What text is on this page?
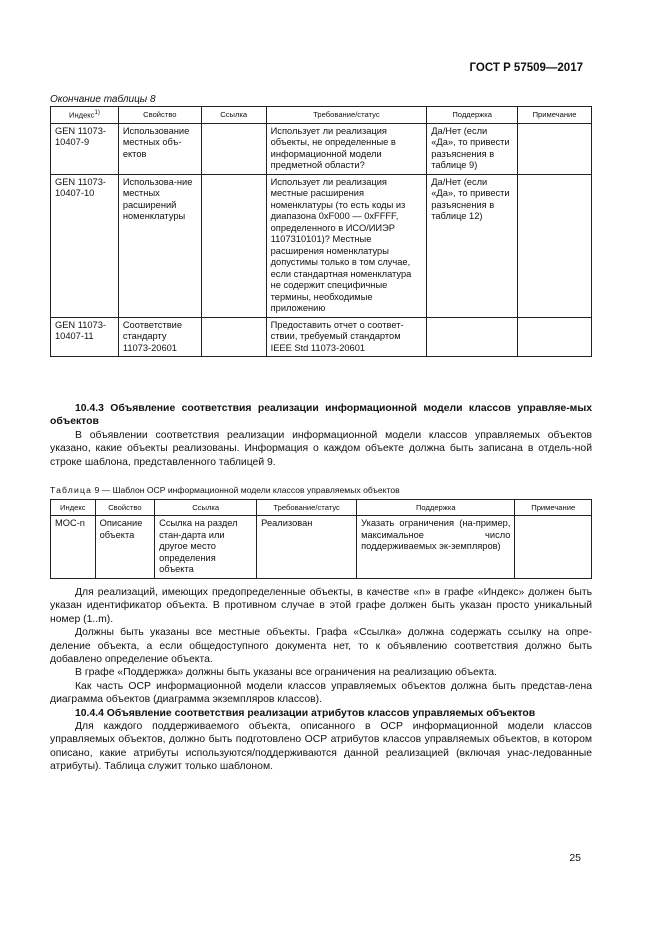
ГОСТ Р 57509—2017
Окончание таблицы 8
Индекс$^{1)}$	Свойство	Ссылка	Требование/статус	Поддержка	Примечание
GEN 11073-10407-9	Использование местных объ-ектов		Использует ли реализация объекты, не определенные в информационной модели предметной области?	Да/Нет (если «Да», то привести разъяснения в таблице 9)	
GEN 11073-10407-10	Использова-ние местных расширений номенклатуры		Использует ли реализация местные расширения номенклатуры (то есть коды из диапазона 0xF000 — 0xFFFF, определенного в ИСО/ИИЭР 1107310101)? Местные расширения номенклатуры допустимы только в том случае, если стандартная номенклатура не содержит специфичные термины, необходимые приложению	Да/Нет (если «Да», то привести разъяснения в таблице 12)	
GEN 11073-10407-11	Соответствие стандарту 11073-20601		Предоставить отчет о соответ-ствии, требуемый стандартом IEEE Std 11073-20601		
10.4.3 Объявление соответствия реализации информационной модели классов управляе-мых объектов
В объявлении соответствия реализации информационной модели классов управляемых объектов указано, какие объекты реализованы. Информация о каждом объекте должна быть записана в отдель-ной строке шаблона, представленного таблицей 9.
Таблица 9 — Шаблон ОСР информационной модели классов управляемых объектов
Индекс	Свойство	Ссылка	Требование/статус	Поддержка	Примечание
MOC-n	Описание объекта	Ссылка на раздел стан-дарта или другое место определения объекта	Реализован	Указать ограничения (на-пример, максимальное число поддерживаемых эк-земпляров)	
Для реализаций, имеющих предопределенные объекты, в качестве «n» в графе «Индекс» должен быть указан идентификатор объекта. В противном случае в этой графе должен быть указан просто уникальный номер (1..m).
Должны быть указаны все местные объекты. Графа «Ссылка» должна содержать ссылку на опре-деление объекта, а если общедоступного документа нет, то к объявлению соответствия должно быть добавлено определение объекта.
В графе «Поддержка» должны быть указаны все ограничения на реализацию объекта.
Как часть ОСР информационной модели классов управляемых объектов должна быть представ-лена диаграмма объектов (диаграмма экземпляров классов).
10.4.4 Объявление соответствия реализации атрибутов классов управляемых объектов
Для каждого поддерживаемого объекта, описанного в ОСР информационной модели классов управляемых объектов, должно быть подготовлено ОСР атрибутов классов управляемых объектов, в котором описано, какие атрибуты используются/поддерживаются данной реализацией (включая унас-ледованные атрибуты). Таблица служит только шаблоном.
25
